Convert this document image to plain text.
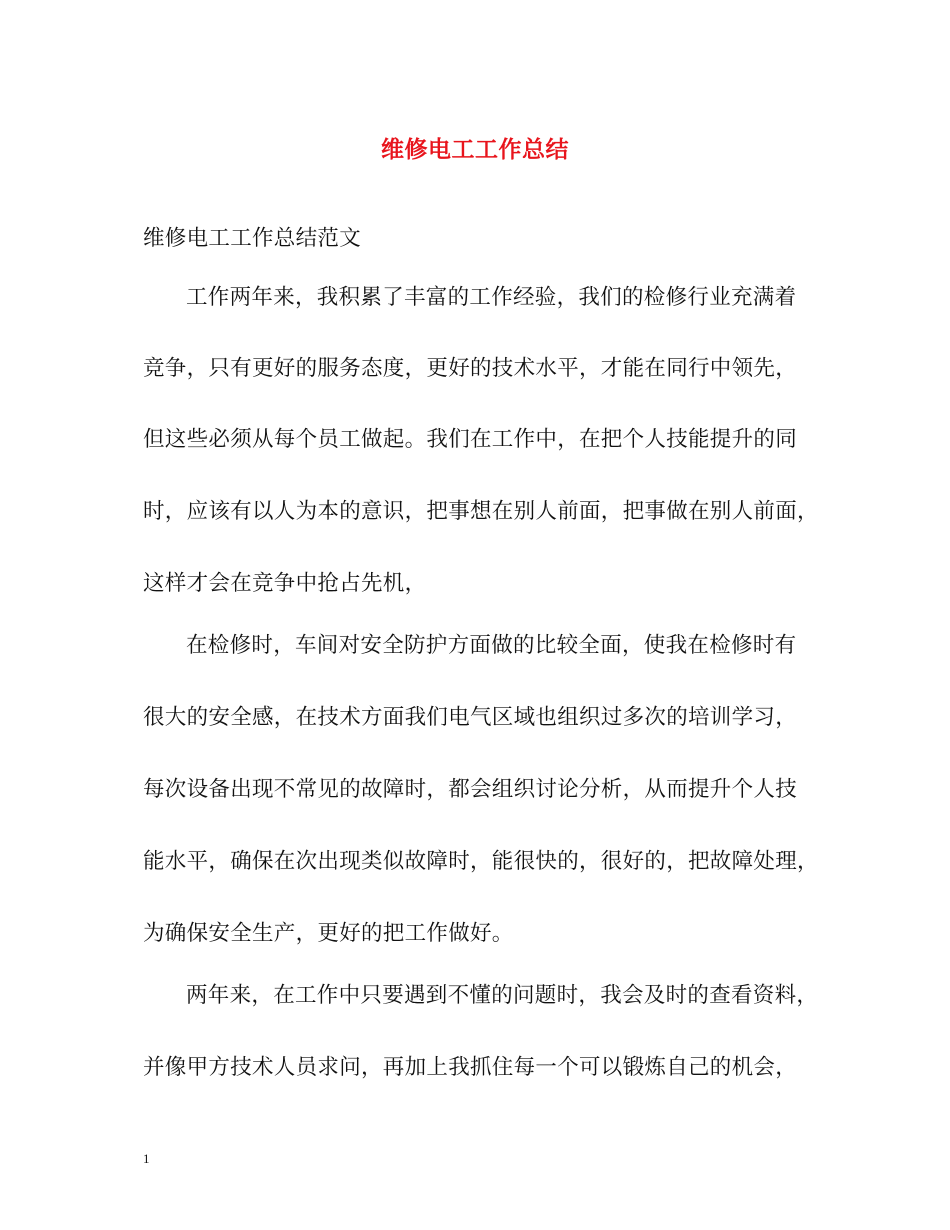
维修电工工作总结
维修电工工作总结范文
工作两年来，我积累了丰富的工作经验，我们的检修行业充满着
竞争，只有更好的服务态度，更好的技术水平，才能在同行中领先，
但这些必须从每个员工做起。我们在工作中，在把个人技能提升的同
时，应该有以人为本的意识，把事想在别人前面，把事做在别人前面，
这样才会在竞争中抢占先机，
在检修时，车间对安全防护方面做的比较全面，使我在检修时有
很大的安全感，在技术方面我们电气区域也组织过多次的培训学习，
每次设备出现不常见的故障时，都会组织讨论分析，从而提升个人技
能水平，确保在次出现类似故障时，能很快的，很好的，把故障处理，
为确保安全生产，更好的把工作做好。
两年来，在工作中只要遇到不懂的问题时，我会及时的查看资料，
并像甲方技术人员求问，再加上我抓住每一个可以锻炼自己的机会，
1
